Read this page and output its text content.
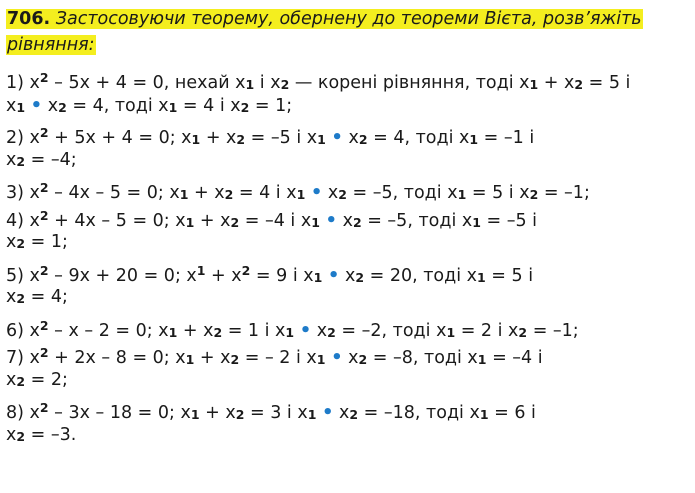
706. Застосовуючи теорему, обернену до теореми Вієта, розв’яжіть
рівняння:

1) $x^2 - 5x + 4 = 0$, нехай x1 і x2 — корені рівняння, тоді x1 + x2 = 5 і
x1 • x2 = 4, тоді x1 = 4 і x2 = 1;
2) $x^2 + 5x + 4 = 0$; x1 + x2 = –5 і x1 • x2 = 4, тоді x1 = –1 і
x2 = –4;
3) $x^2 - 4x - 5 = 0$; x1 + x2 = 4 і x1 • x2 = –5, тоді x1 = 5 і x2 = –1;
4) $x^2 + 4x - 5 = 0$; x1 + x2 = –4 і x1 • x2 = –5, тоді x1 = –5 і
x2 = 1;
5) $x^2 - 9x + 20 = 0$; $x^1 + x^2 = 9$ і x1 • x2 = 20, тоді x1 = 5 і
x2 = 4;
6) $x^2 - x - 2 = 0$; x1 + x2 = 1 і x1 • x2 = –2, тоді x1 = 2 і x2 = –1;
7) $x^2 + 2x - 8 = 0$; x1 + x2 = – 2 і x1 • x2 = –8, тоді x1 = –4 і
x2 = 2;
8) $x^2 - 3x - 18 = 0$; x1 + x2 = 3 і x1 • x2 = –18, тоді x1 = 6 і
x2 = –3.
